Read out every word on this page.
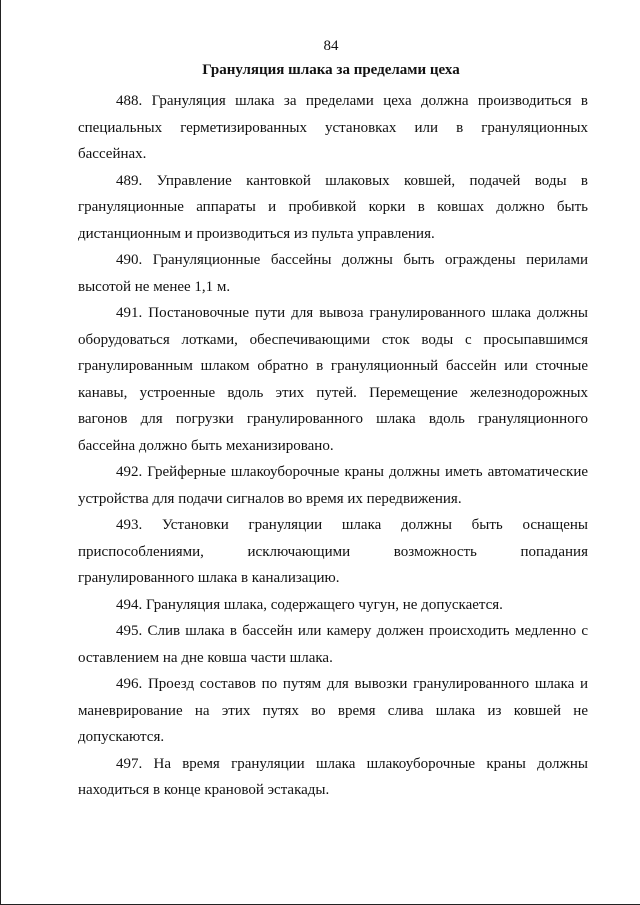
84
Грануляция шлака за пределами цеха

488. Грануляция шлака за пределами цеха должна производиться в специальных герметизированных установках или в грануляционных бассейнах.

489. Управление кантовкой шлаковых ковшей, подачей воды в грануляционные аппараты и пробивкой корки в ковшах должно быть дистанционным и производиться из пульта управления.

490. Грануляционные бассейны должны быть ограждены перилами высотой не менее 1,1 м.

491. Постановочные пути для вывоза гранулированного шлака должны оборудоваться лотками, обеспечивающими сток воды с просыпавшимся гранулированным шлаком обратно в грануляционный бассейн или сточные канавы, устроенные вдоль этих путей. Перемещение железнодорожных вагонов для погрузки гранулированного шлака вдоль грануляционного бассейна должно быть механизировано.

492. Грейферные шлакоуборочные краны должны иметь автоматические устройства для подачи сигналов во время их передвижения.

493. Установки грануляции шлака должны быть оснащены приспособлениями, исключающими возможность попадания гранулированного шлака в канализацию.

494. Грануляция шлака, содержащего чугун, не допускается.

495. Слив шлака в бассейн или камеру должен происходить медленно с оставлением на дне ковша части шлака.

496. Проезд составов по путям для вывозки гранулированного шлака и маневрирование на этих путях во время слива шлака из ковшей не допускаются.

497. На время грануляции шлака шлакоуборочные краны должны находиться в конце крановой эстакады.
